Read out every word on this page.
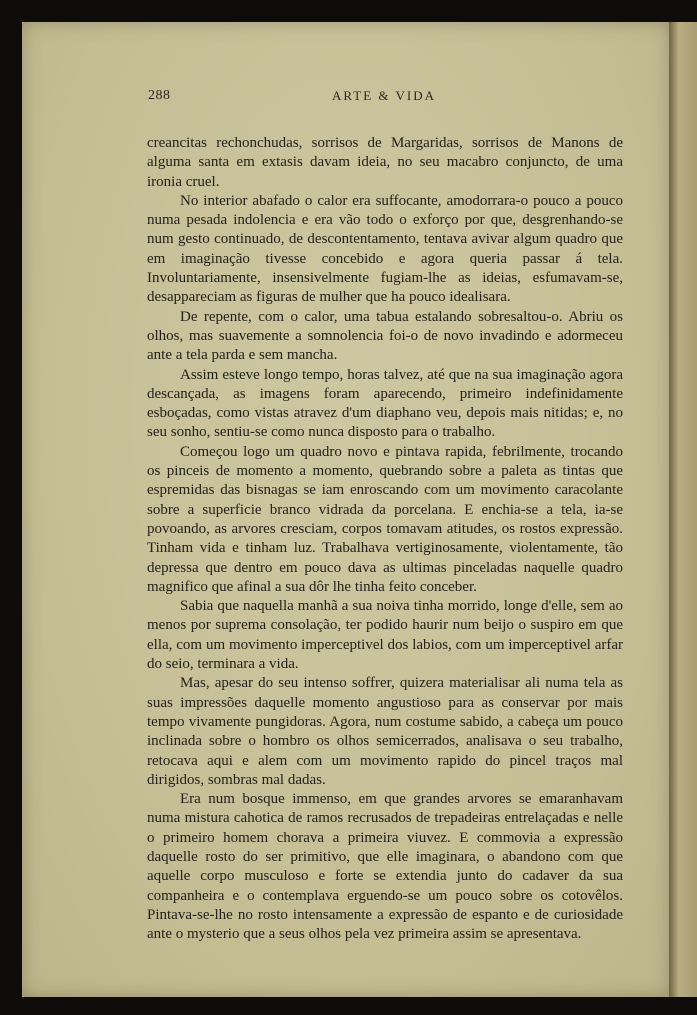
288	ARTE & VIDA

creancitas rechonchudas, sorrisos de Margaridas, sorrisos de Manons de alguma santa em extasis davam ideia, no seu macabro conjuncto, de uma ironia cruel.

No interior abafado o calor era suffocante, amodorrara-o pouco a pouco numa pesada indolencia e era vão todo o exforço por que, desgrenhando-se num gesto continuado, de descontentamento, tentava avivar algum quadro que em imaginação tivesse concebido e agora queria passar á tela. Involuntariamente, insensivelmente fugiam-lhe as ideias, esfumavam-se, desappareciam as figuras de mulher que ha pouco idealisara.

De repente, com o calor, uma tabua estalando sobresaltou-o. Abriu os olhos, mas suavemente a somnolencia foi-o de novo invadindo e adormeceu ante a tela parda e sem mancha.

Assim esteve longo tempo, horas talvez, até que na sua imaginação agora descançada, as imagens foram aparecendo, primeiro indefinidamente esboçadas, como vistas atravez d'um diaphano veu, depois mais nitidas; e, no seu sonho, sentiu-se como nunca disposto para o trabalho.

Começou logo um quadro novo e pintava rapida, febrilmente, trocando os pinceis de momento a momento, quebrando sobre a paleta as tintas que espremidas das bisnagas se iam enroscando com um movimento caracolante sobre a superficie branco vidrada da porcelana. E enchia-se a tela, ia-se povoando, as arvores cresciam, corpos tomavam atitudes, os rostos expressão. Tinham vida e tinham luz. Trabalhava vertiginosamente, violentamente, tão depressa que dentro em pouco dava as ultimas pinceladas naquelle quadro magnifico que afinal a sua dôr lhe tinha feito conceber.

Sabia que naquella manhã a sua noiva tinha morrido, longe d'elle, sem ao menos por suprema consolação, ter podido haurir num beijo o suspiro em que ella, com um movimento imperceptivel dos labios, com um imperceptivel arfar do seio, terminara a vida.

Mas, apesar do seu intenso soffrer, quizera materialisar ali numa tela as suas impressões daquelle momento angustioso para as conservar por mais tempo vivamente pungidoras. Agora, num costume sabido, a cabeça um pouco inclinada sobre o hombro os olhos semicerrados, analisava o seu trabalho, retocava aqui e alem com um movimento rapido do pincel traços mal dirigidos, sombras mal dadas.

Era num bosque immenso, em que grandes arvores se emaranhavam numa mistura cahotica de ramos recrusados de trepadeiras entrelaçadas e nelle o primeiro homem chorava a primeira viuvez. E commovia a expressão daquelle rosto do ser primitivo, que elle imaginara, o abandono com que aquelle corpo musculoso e forte se extendia junto do cadaver da sua companheira e o contemplava erguendo-se um pouco sobre os cotovêlos. Pintava-se-lhe no rosto intensamente a expressão de espanto e de curiosidade ante o mysterio que a seus olhos pela vez primeira assim se apresentava.
